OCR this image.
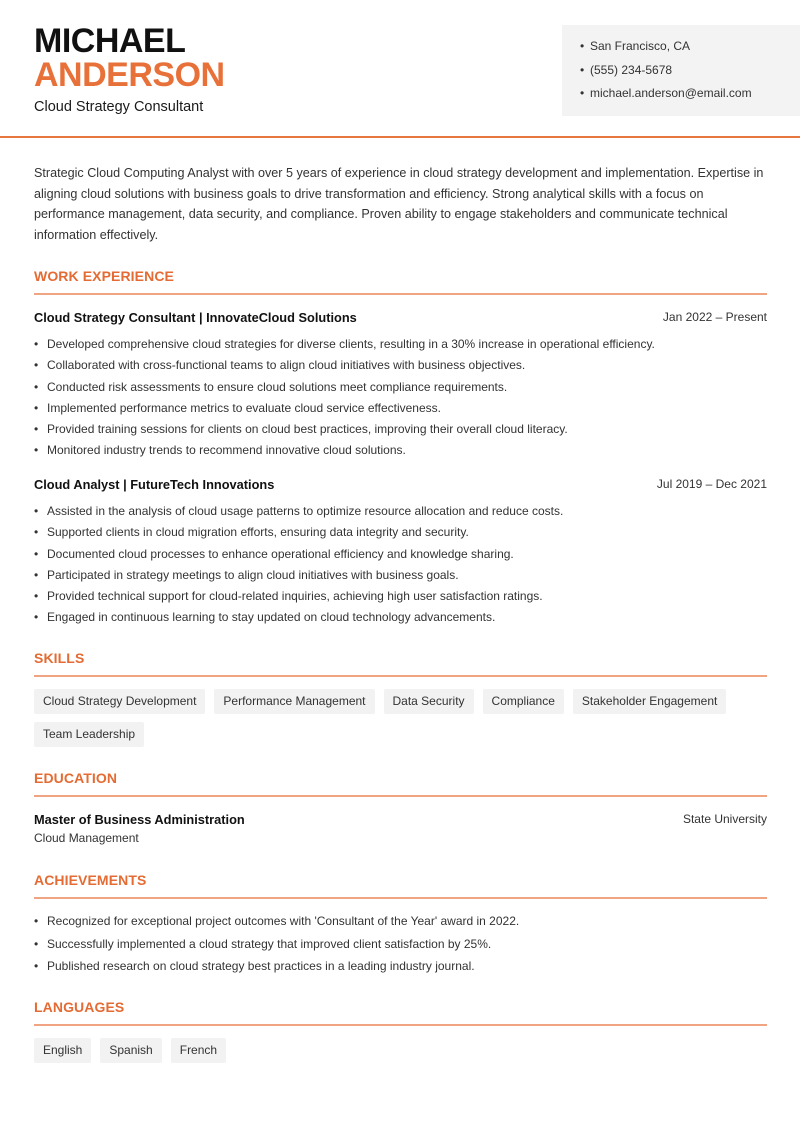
MICHAEL
ANDERSON
Cloud Strategy Consultant
• San Francisco, CA
• (555) 234-5678
• michael.anderson@email.com

Strategic Cloud Computing Analyst with over 5 years of experience in cloud strategy development and implementation. Expertise in aligning cloud solutions with business goals to drive transformation and efficiency. Strong analytical skills with a focus on performance management, data security, and compliance. Proven ability to engage stakeholders and communicate technical information effectively.

WORK EXPERIENCE
Cloud Strategy Consultant | InnovateCloud Solutions	Jan 2022 – Present
• Developed comprehensive cloud strategies for diverse clients, resulting in a 30% increase in operational efficiency.
• Collaborated with cross-functional teams to align cloud initiatives with business objectives.
• Conducted risk assessments to ensure cloud solutions meet compliance requirements.
• Implemented performance metrics to evaluate cloud service effectiveness.
• Provided training sessions for clients on cloud best practices, improving their overall cloud literacy.
• Monitored industry trends to recommend innovative cloud solutions.
Cloud Analyst | FutureTech Innovations	Jul 2019 – Dec 2021
• Assisted in the analysis of cloud usage patterns to optimize resource allocation and reduce costs.
• Supported clients in cloud migration efforts, ensuring data integrity and security.
• Documented cloud processes to enhance operational efficiency and knowledge sharing.
• Participated in strategy meetings to align cloud initiatives with business goals.
• Provided technical support for cloud-related inquiries, achieving high user satisfaction ratings.
• Engaged in continuous learning to stay updated on cloud technology advancements.
SKILLS
Cloud Strategy Development	Performance Management	Data Security	Compliance	Stakeholder Engagement
Team Leadership
EDUCATION
Master of Business Administration	State University
Cloud Management
ACHIEVEMENTS
• Recognized for exceptional project outcomes with 'Consultant of the Year' award in 2022.
• Successfully implemented a cloud strategy that improved client satisfaction by 25%.
• Published research on cloud strategy best practices in a leading industry journal.
LANGUAGES
English	Spanish	French
